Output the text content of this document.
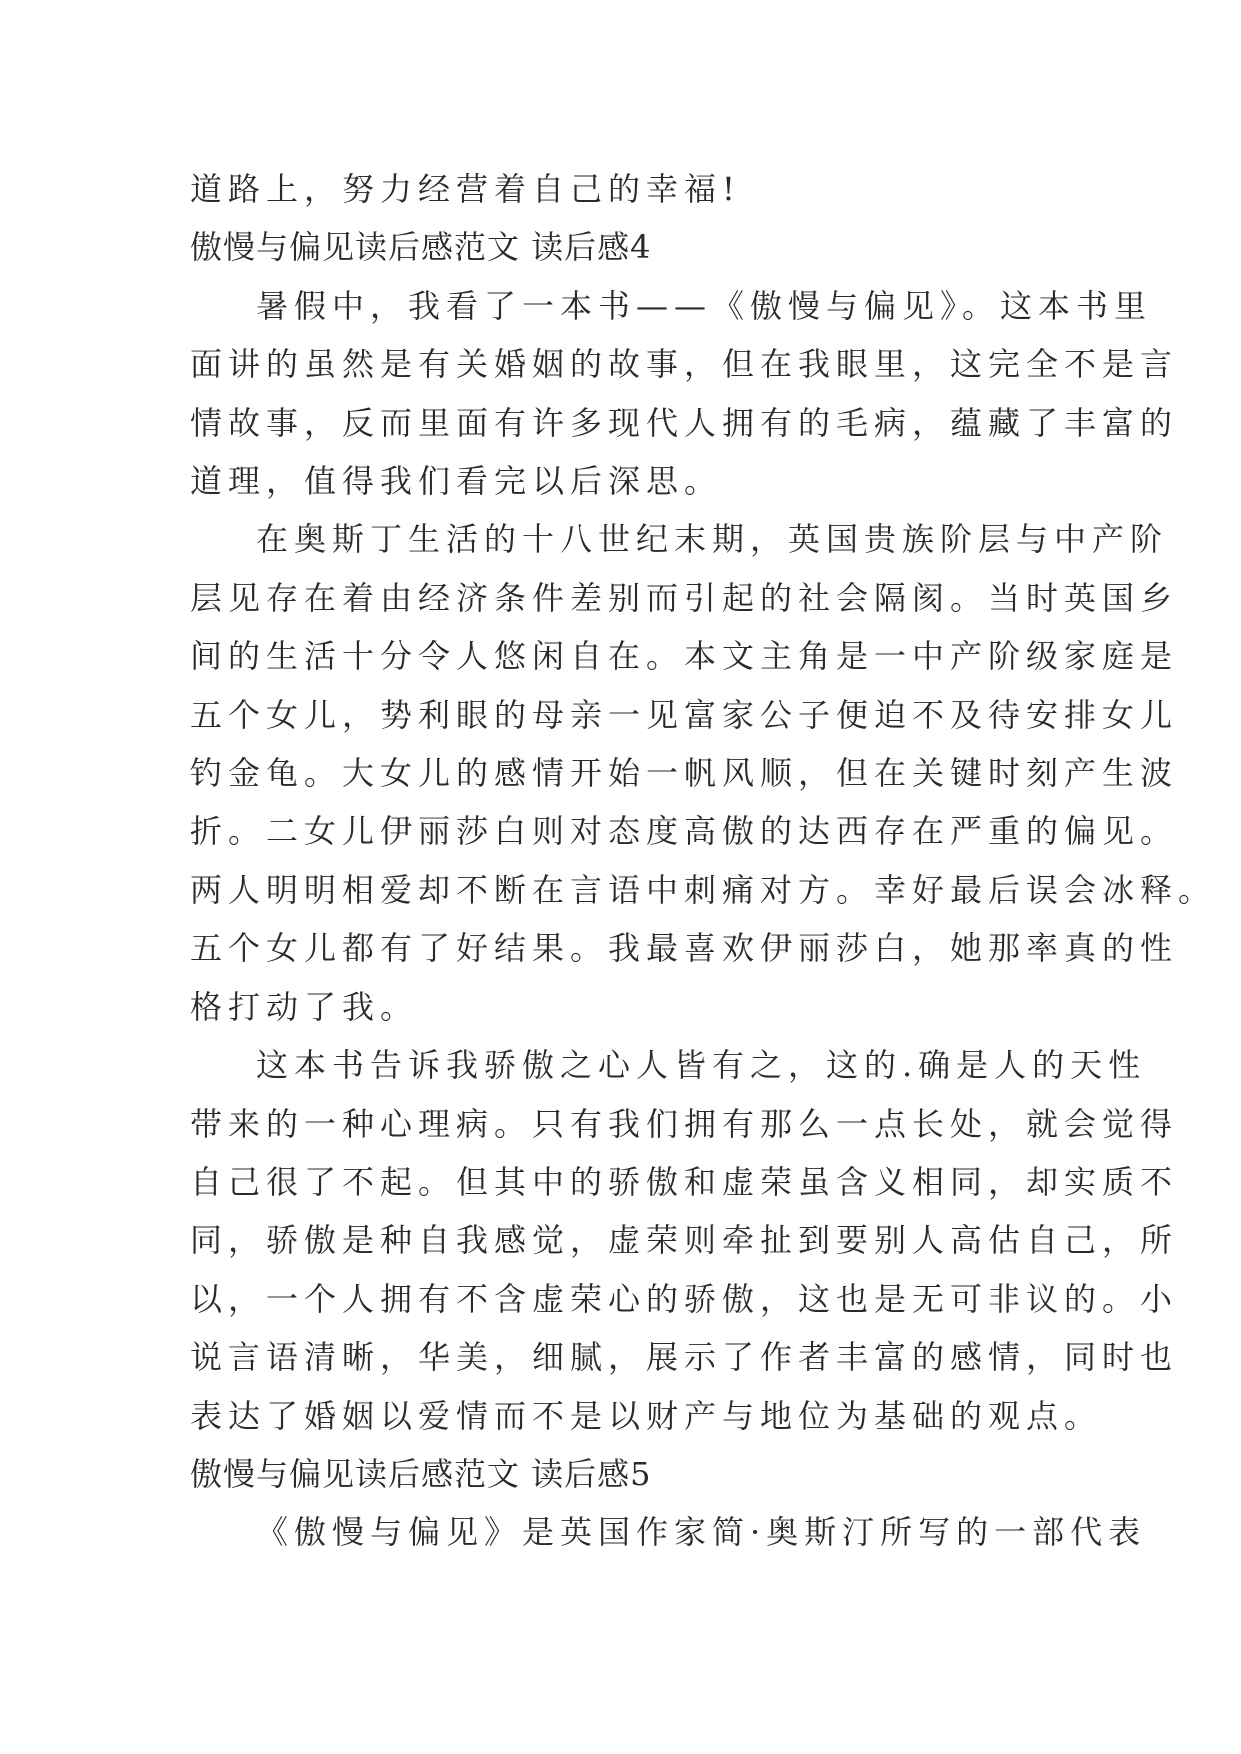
道路上，努力经营着自己的幸福!
傲慢与偏见读后感范文 读后感4
暑假中，我看了一本书——《傲慢与偏见》。这本书里
面讲的虽然是有关婚姻的故事，但在我眼里，这完全不是言
情故事，反而里面有许多现代人拥有的毛病，蕴藏了丰富的
道理，值得我们看完以后深思。
在奥斯丁生活的十八世纪末期，英国贵族阶层与中产阶
层见存在着由经济条件差别而引起的社会隔阂。当时英国乡
间的生活十分令人悠闲自在。本文主角是一中产阶级家庭是
五个女儿，势利眼的母亲一见富家公子便迫不及待安排女儿
钓金龟。大女儿的感情开始一帆风顺，但在关键时刻产生波
折。二女儿伊丽莎白则对态度高傲的达西存在严重的偏见。
两人明明相爱却不断在言语中刺痛对方。幸好最后误会冰释。
五个女儿都有了好结果。我最喜欢伊丽莎白，她那率真的性
格打动了我。
这本书告诉我骄傲之心人皆有之，这的.确是人的天性
带来的一种心理病。只有我们拥有那么一点长处，就会觉得
自己很了不起。但其中的骄傲和虚荣虽含义相同，却实质不
同，骄傲是种自我感觉，虚荣则牵扯到要别人高估自己，所
以，一个人拥有不含虚荣心的骄傲，这也是无可非议的。小
说言语清晰，华美，细腻，展示了作者丰富的感情，同时也
表达了婚姻以爱情而不是以财产与地位为基础的观点。
傲慢与偏见读后感范文 读后感5
《傲慢与偏见》是英国作家简·奥斯汀所写的一部代表
